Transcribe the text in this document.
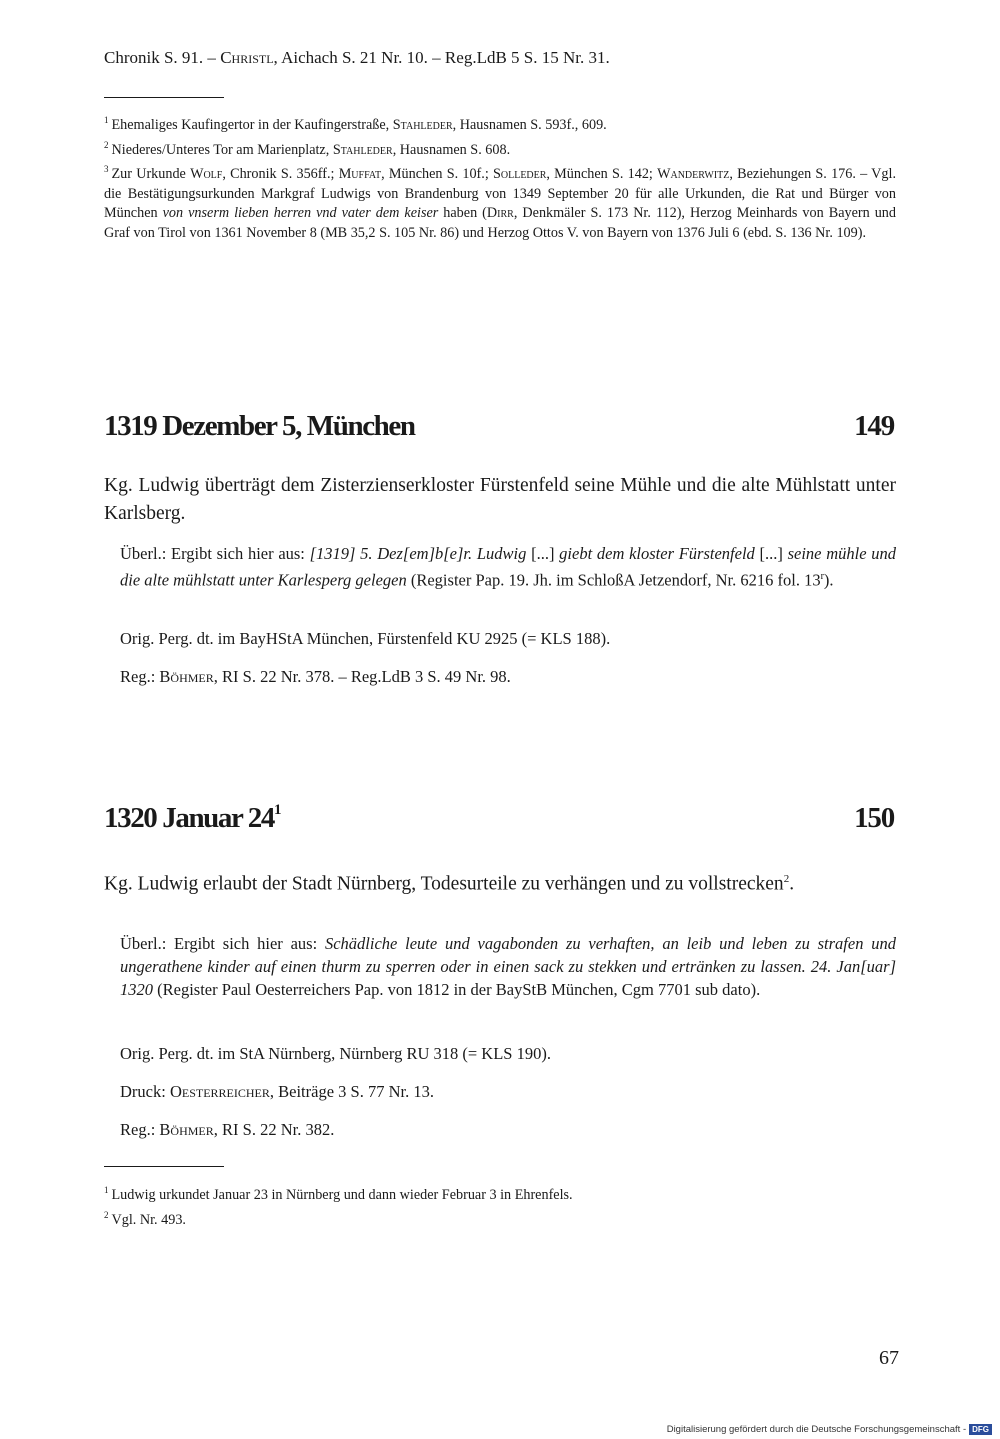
Chronik S. 91. – Christl, Aichach S. 21 Nr. 10. – Reg.LdB 5 S. 15 Nr. 31.

$^1$ Ehemaliges Kaufingertor in der Kaufingerstraße, Stahleder, Hausnamen S. 593f., 609.

$^2$ Niederes/Unteres Tor am Marienplatz, Stahleder, Hausnamen S. 608.

$^3$ Zur Urkunde Wolf, Chronik S. 356ff.; Muffat, München S. 10f.; Solleder, München S. 142; Wanderwitz, Beziehungen S. 176. – Vgl. die Bestätigungsurkunden Markgraf Ludwigs von Brandenburg von 1349 September 20 für alle Urkunden, die Rat und Bürger von München von vnserm lieben herren vnd vater dem keiser haben (Dirr, Denkmäler S. 173 Nr. 112), Herzog Meinhards von Bayern und Graf von Tirol von 1361 November 8 (MB 35,2 S. 105 Nr. 86) und Herzog Ottos V. von Bayern von 1376 Juli 6 (ebd. S. 136 Nr. 109).

1319 Dezember 5, München	149
Kg. Ludwig überträgt dem Zisterzienserkloster Fürstenfeld seine Mühle und die alte Mühlstatt unter Karlsberg.
Überl.: Ergibt sich hier aus: [1319] 5. Dez[em]b[e]r. Ludwig [...] giebt dem kloster Fürstenfeld [...] seine mühle und die alte mühlstatt unter Karlesperg gelegen (Register Pap. 19. Jh. im SchloßA Jetzendorf, Nr. 6216 fol. 13$^r$).
Orig. Perg. dt. im BayHStA München, Fürstenfeld KU 2925 (= KLS 188).
Reg.: Böhmer, RI S. 22 Nr. 378. – Reg.LdB 3 S. 49 Nr. 98.
1320 Januar $24^1$	150
Kg. Ludwig erlaubt der Stadt Nürnberg, Todesurteile zu verhängen und zu vollstrecken$^2$.
Überl.: Ergibt sich hier aus: Schädliche leute und vagabonden zu verhaften, an leib und leben zu strafen und ungerathene kinder auf einen thurm zu sperren oder in einen sack zu stekken und ertränken zu lassen. 24. Jan[uar] 1320 (Register Paul Oesterreichers Pap. von 1812 in der BayStB München, Cgm 7701 sub dato).
Orig. Perg. dt. im StA Nürnberg, Nürnberg RU 318 (= KLS 190).
Druck: Oesterreicher, Beiträge 3 S. 77 Nr. 13.
Reg.: Böhmer, RI S. 22 Nr. 382.

$^1$ Ludwig urkundet Januar 23 in Nürnberg und dann wieder Februar 3 in Ehrenfels.

$^2$ Vgl. Nr. 493.

67
Digitalisierung gefördert durch die Deutsche Forschungsgemeinschaft - DFG
